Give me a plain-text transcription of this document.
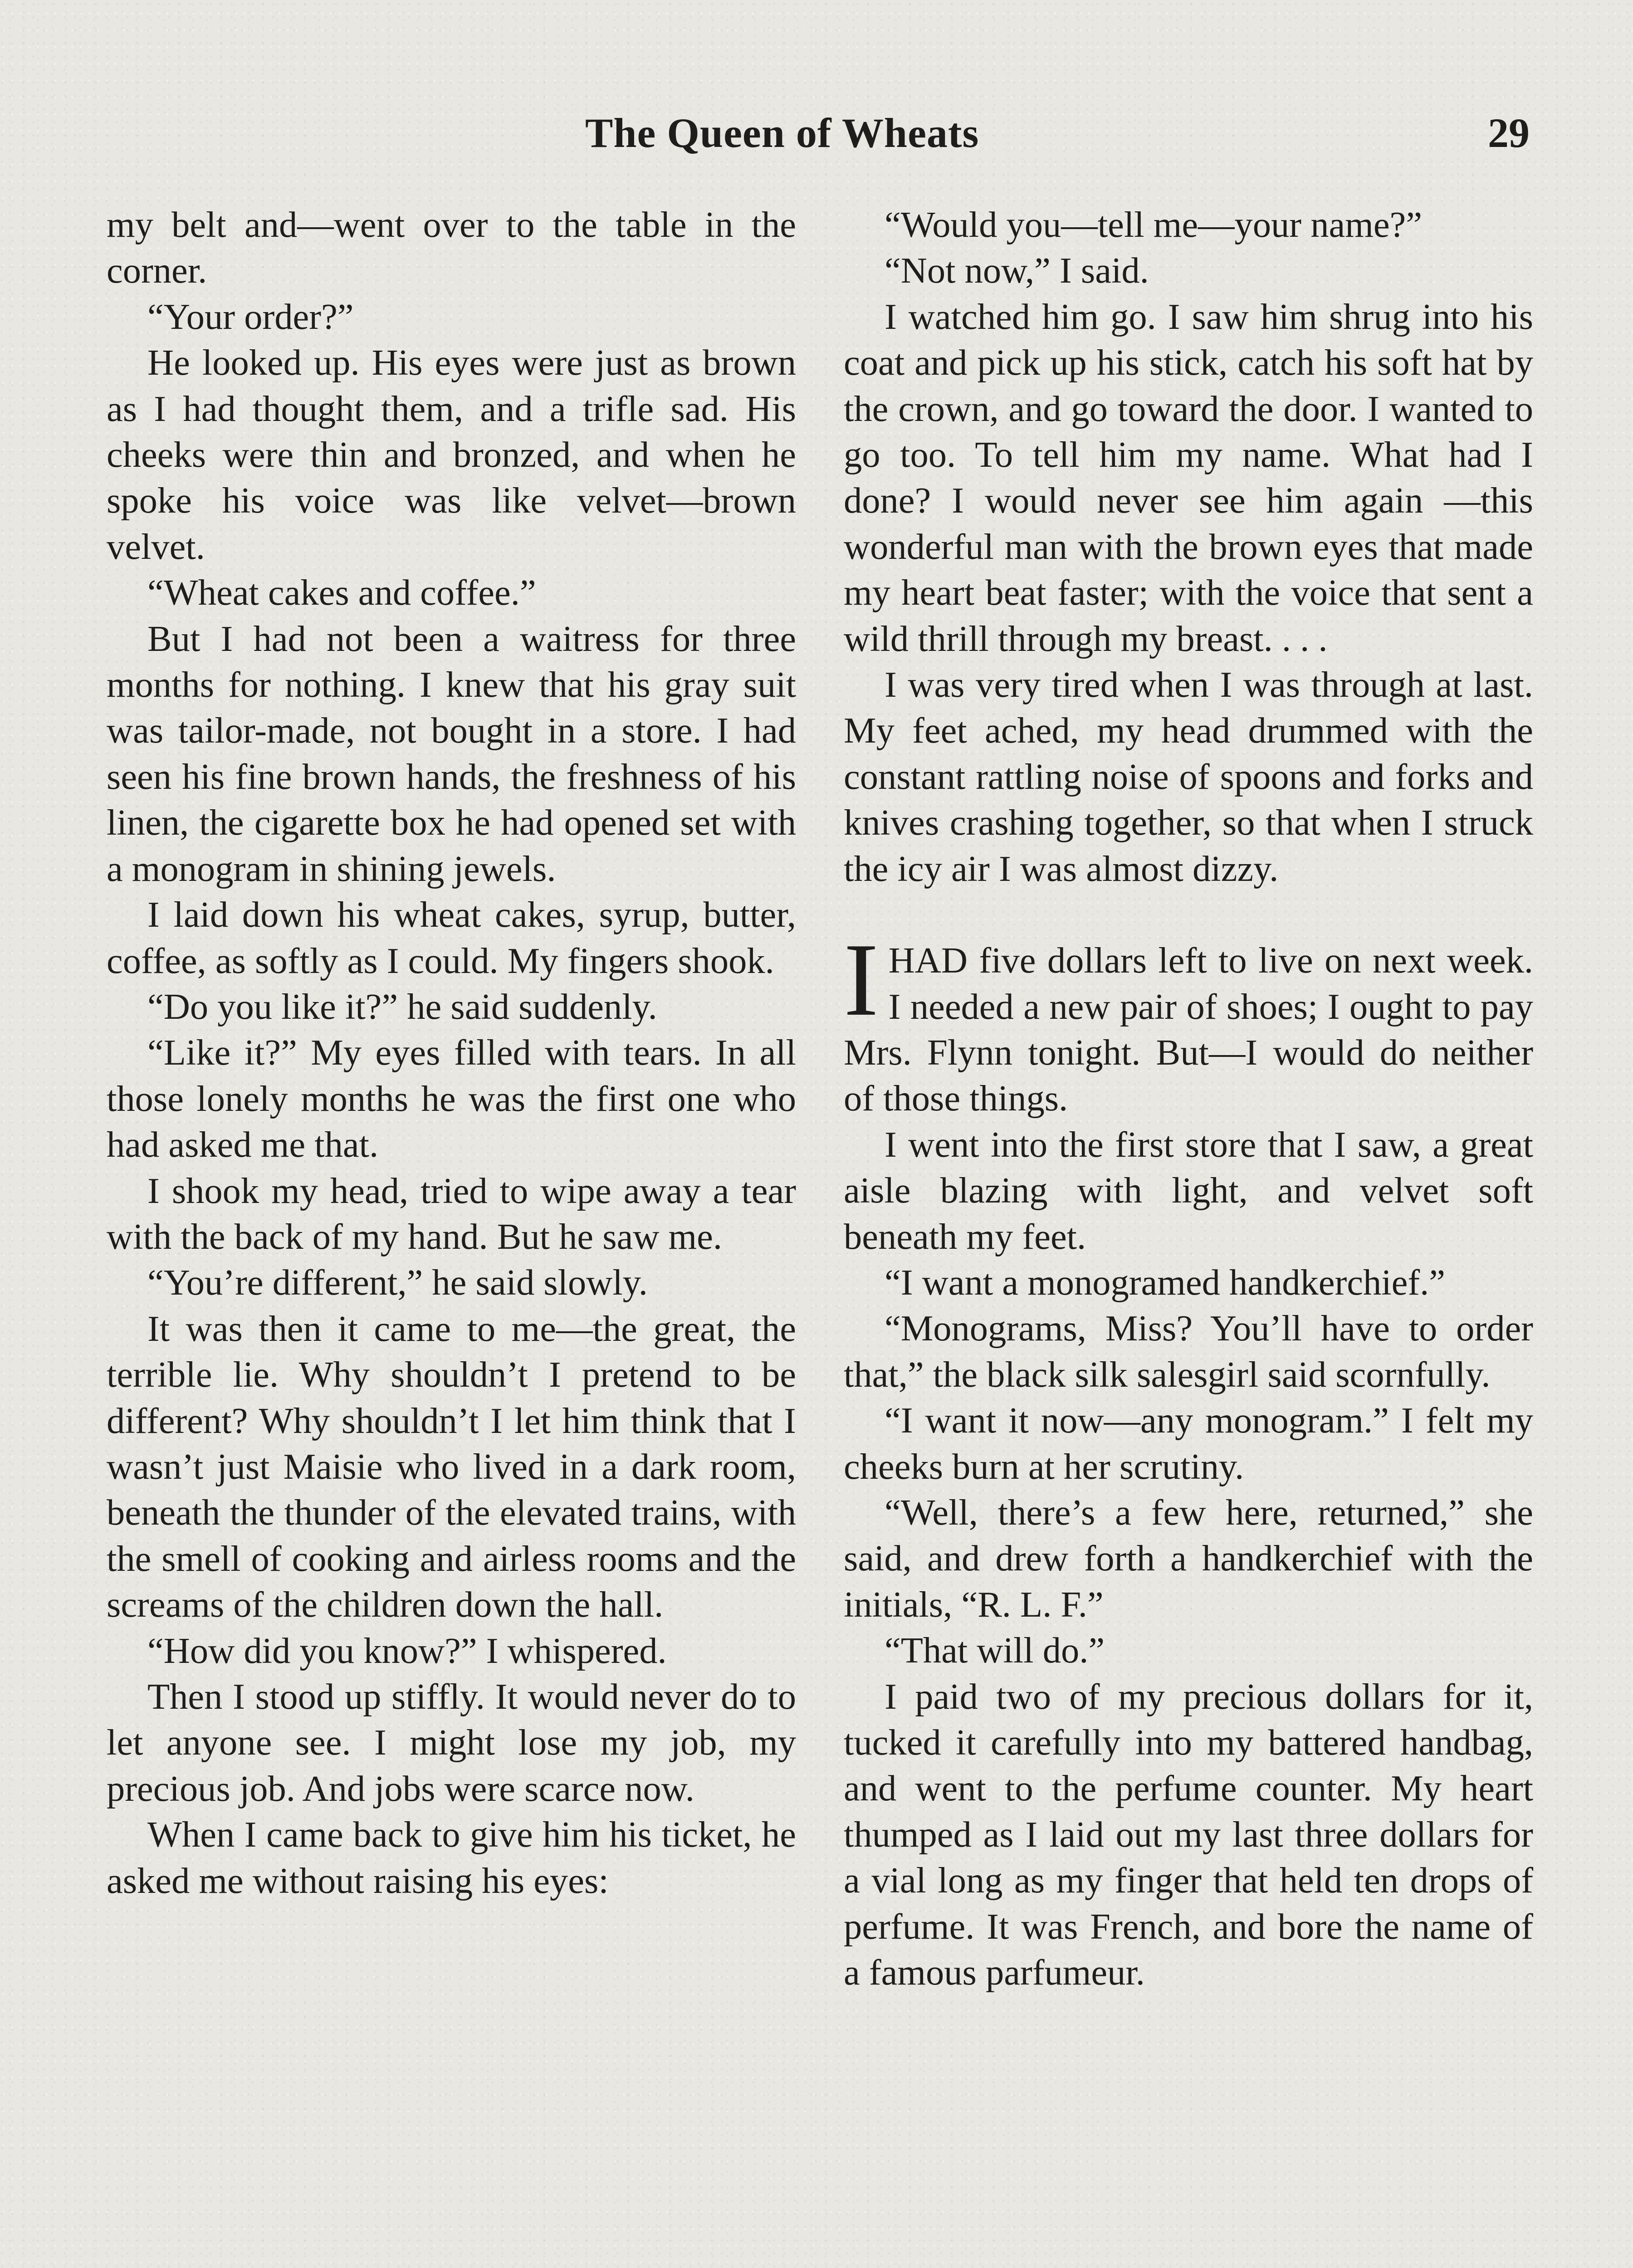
The Queen of Wheats	29

my belt and—went over to the table in the corner.

“Your order?”

He looked up. His eyes were just as brown as I had thought them, and a trifle sad. His cheeks were thin and bronzed, and when he spoke his voice was like velvet—brown velvet.

“Wheat cakes and coffee.”

But I had not been a waitress for three months for nothing. I knew that his gray suit was tailor-made, not bought in a store. I had seen his fine brown hands, the freshness of his linen, the cigarette box he had opened set with a monogram in shining jewels.

I laid down his wheat cakes, syrup, butter, coffee, as softly as I could. My fingers shook.

“Do you like it?” he said suddenly.

“Like it?” My eyes filled with tears. In all those lonely months he was the first one who had asked me that.

I shook my head, tried to wipe away a tear with the back of my hand. But he saw me.

“You’re different,” he said slowly.

It was then it came to me—the great, the terrible lie. Why shouldn’t I pretend to be different? Why shouldn’t I let him think that I wasn’t just Maisie who lived in a dark room, beneath the thunder of the elevated trains, with the smell of cooking and airless rooms and the screams of the children down the hall.

“How did you know?” I whispered.

Then I stood up stiffly. It would never do to let anyone see. I might lose my job, my precious job. And jobs were scarce now.

When I came back to give him his ticket, he asked me without raising his eyes:

“Would you—tell me—your name?”

“Not now,” I said.

I watched him go. I saw him shrug into his coat and pick up his stick, catch his soft hat by the crown, and go toward the door. I wanted to go too. To tell him my name. What had I done? I would never see him again —this wonderful man with the brown eyes that made my heart beat faster; with the voice that sent a wild thrill through my breast. . . .

I was very tired when I was through at last. My feet ached, my head drummed with the constant rattling noise of spoons and forks and knives crashing together, so that when I struck the icy air I was almost dizzy.

IHAD five dollars left to live on next week. I needed a new pair of shoes; I ought to pay Mrs. Flynn tonight. But—I would do neither of those things.

I went into the first store that I saw, a great aisle blazing with light, and velvet soft beneath my feet.

“I want a monogramed handkerchief.”

“Monograms, Miss? You’ll have to order that,” the black silk salesgirl said scornfully.

“I want it now—any monogram.” I felt my cheeks burn at her scrutiny.

“Well, there’s a few here, returned,” she said, and drew forth a handkerchief with the initials, “R. L. F.”

“That will do.”

I paid two of my precious dollars for it, tucked it carefully into my battered handbag, and went to the perfume counter. My heart thumped as I laid out my last three dollars for a vial long as my finger that held ten drops of perfume. It was French, and bore the name of a famous parfumeur.
